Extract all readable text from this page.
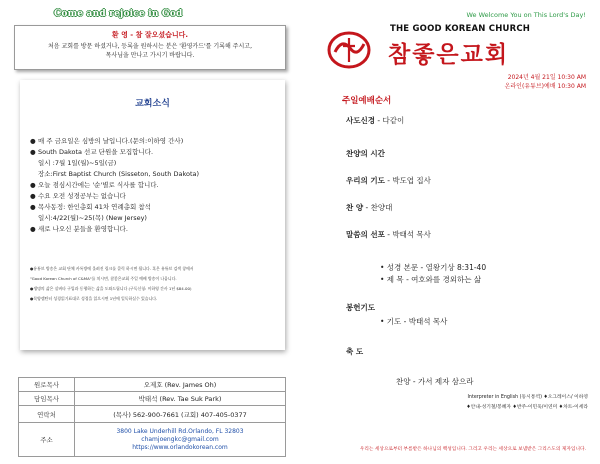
Come and rejoice in God
환 영 - 참 잘오셨습니다.
처음 교회를 방문 하셨거나, 등록을 원하시는 분은 '환영카드'를 기록해 주시고,
목사님을 만나고 가시기 바랍니다.
교회소식
● 매 주 금요일은 심방의 날입니다.(문의:이하영 간사)
● South Dakota 선교 단원을 모집합니다.
일시 :7월 1일(월)~5일(금)
장소:First Baptist Church (Sisseton, South Dakota)
● 오늘 점심시간에는 '순'별로 식사를 합니다.
● 수요 오전 성경공부는 없습니다
● 목사동정: 한인총회 41차 연례총회 참석
일시:4/22(월)~25(목) (New Jersey)
● 새로 나오신 분들을 환영합니다.
●유튜브 방송은 교회 단체 카톡방에 올려진 링크를 클릭 하시면 됩니다. 혹은 유튜브 검색 창에서
"Good Korean Church of C&MA"를 치시면, 참좋은교회 주일 예배 방송이 나옵니다.
●생명의 삶은 실버타 구입과 동행하는 삶을 도와드립니다 (구독신청: 이하영 간사 1년 $84.00)
●목양랩탄터 성경읽기표대로 성경을 읽으시면 1년에 일독하실수 있습니다.
원로목사	오제호 (Rev. James Oh)
담임목사	박태석 (Rev. Tae Suk Park)
연락처	(목사) 562-900-7661 (교회) 407-405-0377
주소	3800 Lake Underhill Rd.Orlando, FL 32803
chamjoengkc@gmail.com
https://www.orlandokorean.com
We Welcome You on This Lord's Day!
THE GOOD KOREAN CHURCH
참좋은교회
2024년 4월 21일 10:30 AM
온라인(유튜브)예배 10:30 AM
주일예배순서
사도신경 - 다같이
찬양의 시간
우리의 기도 - 박도엽 집사
찬 양 - 찬양대
말씀의 선포 - 박태석 목사
• 성경 본문 - 열왕기상 8:31-40
• 제 목 - 여호와를 경외하는 삶
봉헌기도
• 기도 - 박태석 목사
축 도
찬양 - 가서 제자 삼으라
Interpreter in English (동시통역) ♦오그레이스/ 이하영
♦안내-성기철/봉혜자 ♦반주-이민욱/이연미 ♦차트-이세라
우리는 세상으로부터 부름받은 하나님의 백성입니다. 그리고 우리는 세상으로 보냄받은 그리스도의 제자입니다.
